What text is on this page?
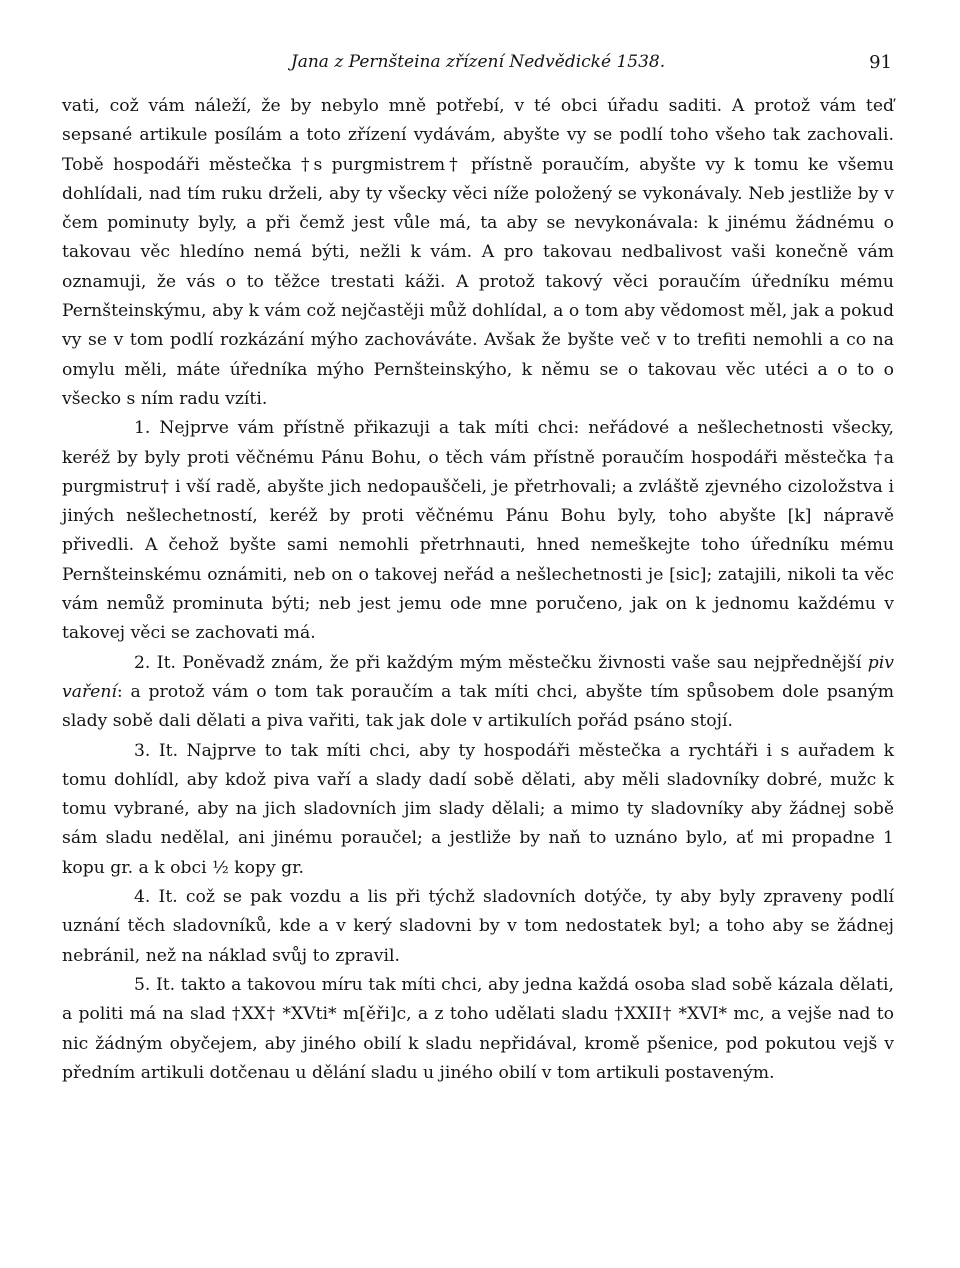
Jana z Pernšteina zřízení Nedvědické 1538.	91

vati, což vám náleží, že by nebylo mně potřebí, v té obci úřadu saditi. A protož vám teď sepsané artikule posílám a toto zřízení vydávám, abyšte vy se podlí toho všeho tak zachovali. Tobě hospodáři městečka †s purgmistrem† přístně poraučím, abyšte vy k tomu ke všemu dohlídali, nad tím ruku drželi, aby ty všecky věci níže položený se vykonávaly. Neb jestliže by v čem pominuty byly, a při čemž jest vůle má, ta aby se nevykonávala: k jinému žádnému o takovau věc hledíno nemá býti, nežli k vám. A pro takovau nedbalivost vaši konečně vám oznamuji, že vás o to těžce trestati káži. A protož takový věci poraučím úředníku mému Pernšteinskýmu, aby k vám což nejčastěji můž dohlídal, a o tom aby vědomost měl, jak a pokud vy se v tom podlí rozkázání mýho zachováváte. Avšak že byšte več v to trefiti nemohli a co na omylu měli, máte úředníka mýho Pernšteinskýho, k němu se o takovau věc utéci a o to o všecko s ním radu vzíti.

1. Nejprve vám přístně přikazuji a tak míti chci: neřádové a nešlechetnosti všecky, keréž by byly proti věčnému Pánu Bohu, o těch vám přístně poraučím hospodáři městečka †a purgmistru† i vší radě, abyšte jich nedopauščeli, je přetrhovali; a zvláště zjevného cizoložstva i jiných nešlechetností, keréž by proti věčnému Pánu Bohu byly, toho abyšte [k] nápravě přivedli. A čehož byšte sami nemohli přetrhnauti, hned nemeškejte toho úředníku mému Pernšteinskému oznámiti, neb on o takovej neřád a nešlechetnosti je [sic]; zatajili, nikoli ta věc vám nemůž prominuta býti; neb jest jemu ode mne poručeno, jak on k jednomu každému v takovej věci se zachovati má.

2. It. Poněvadž znám, že při každým mým městečku živnosti vaše sau nejpřednější piv vaření: a protož vám o tom tak poraučím a tak míti chci, abyšte tím spůsobem dole psaným slady sobě dali dělati a piva vařiti, tak jak dole v artikulích pořád psáno stojí.

3. It. Najprve to tak míti chci, aby ty hospodáři městečka a rychtáři i s auřadem k tomu dohlídl, aby kdož piva vaří a slady dadí sobě dělati, aby měli sladovníky dobré, mužc k tomu vybrané, aby na jich sladovních jim slady dělali; a mimo ty sladovníky aby žádnej sobě sám sladu nedělal, ani jinému poraučel; a jestliže by naň to uznáno bylo, ať mi propadne 1 kopu gr. a k obci ½ kopy gr.

4. It. což se pak vozdu a lis při týchž sladovních dotýče, ty aby byly zpraveny podlí uznání těch sladovníků, kde a v kerý sladovni by v tom nedostatek byl; a toho aby se žádnej nebránil, než na náklad svůj to zpravil.

5. It. takto a takovou míru tak míti chci, aby jedna každá osoba slad sobě kázala dělati, a politi má na slad †XX† *XVti* m[ěři]c, a z toho udělati sladu †XXII† *XVI* mc, a vejše nad to nic žádným obyčejem, aby jiného obilí k sladu nepřidával, kromě pšenice, pod pokutou vejš v předním artikuli dotčenau u dělání sladu u jiného obilí v tom artikuli postaveným.
